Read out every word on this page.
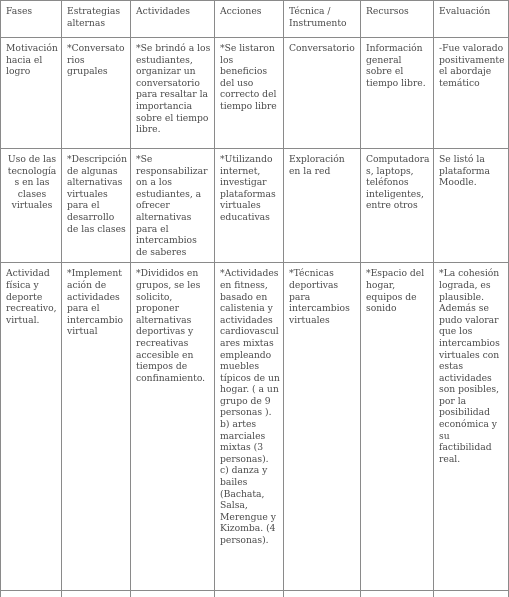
Fases	Estrategias alternas	Actividades	Acciones	Técnica / Instrumento	Recursos	Evaluación
Motivación hacia el logro	*Conversatorios grupales	*Se brindó a los estudiantes, organizar un conversatorio para resaltar la importancia sobre el tiempo libre.	*Se listaron los beneficios del uso correcto del tiempo libre	Conversatorio	Información general sobre el tiempo libre.	-Fue valorado positivamente el abordaje temático
Uso de las tecnologías en las clases virtuales	*Descripción de algunas alternativas virtuales para el desarrollo de las clases	*Se responsabilizaron a los estudiantes, a ofrecer alternativas para el intercambios de saberes	*Utilizando internet, investigar plataformas virtuales educativas	Exploración en la red	Computadoras, laptops, teléfonos inteligentes, entre otros	Se listó la plataforma Moodle.
Actividad física y deporte recreativo, virtual.	*Implementación de actividades para el intercambio virtual	*Divididos en grupos, se les solicito, proponer alternativas deportivas y recreativas accesible en tiempos de confinamiento.	*Actividades en fitness, basado en calistenia y actividades cardiovasculares mixtas empleando muebles típicos de un hogar. ( a un grupo de 9 personas ). b) artes marciales mixtas (3 personas). c) danza y bailes (Bachata, Salsa, Merengue y Kizomba. (4 personas).	*Técnicas deportivas para intercambios virtuales	*Espacio del hogar, equipos de sonido	*La cohesión lograda, es plausible. Además se pudo valorar que los intercambios virtuales con estas actividades son posibles, por la posibilidad económica y su factibilidad real.
